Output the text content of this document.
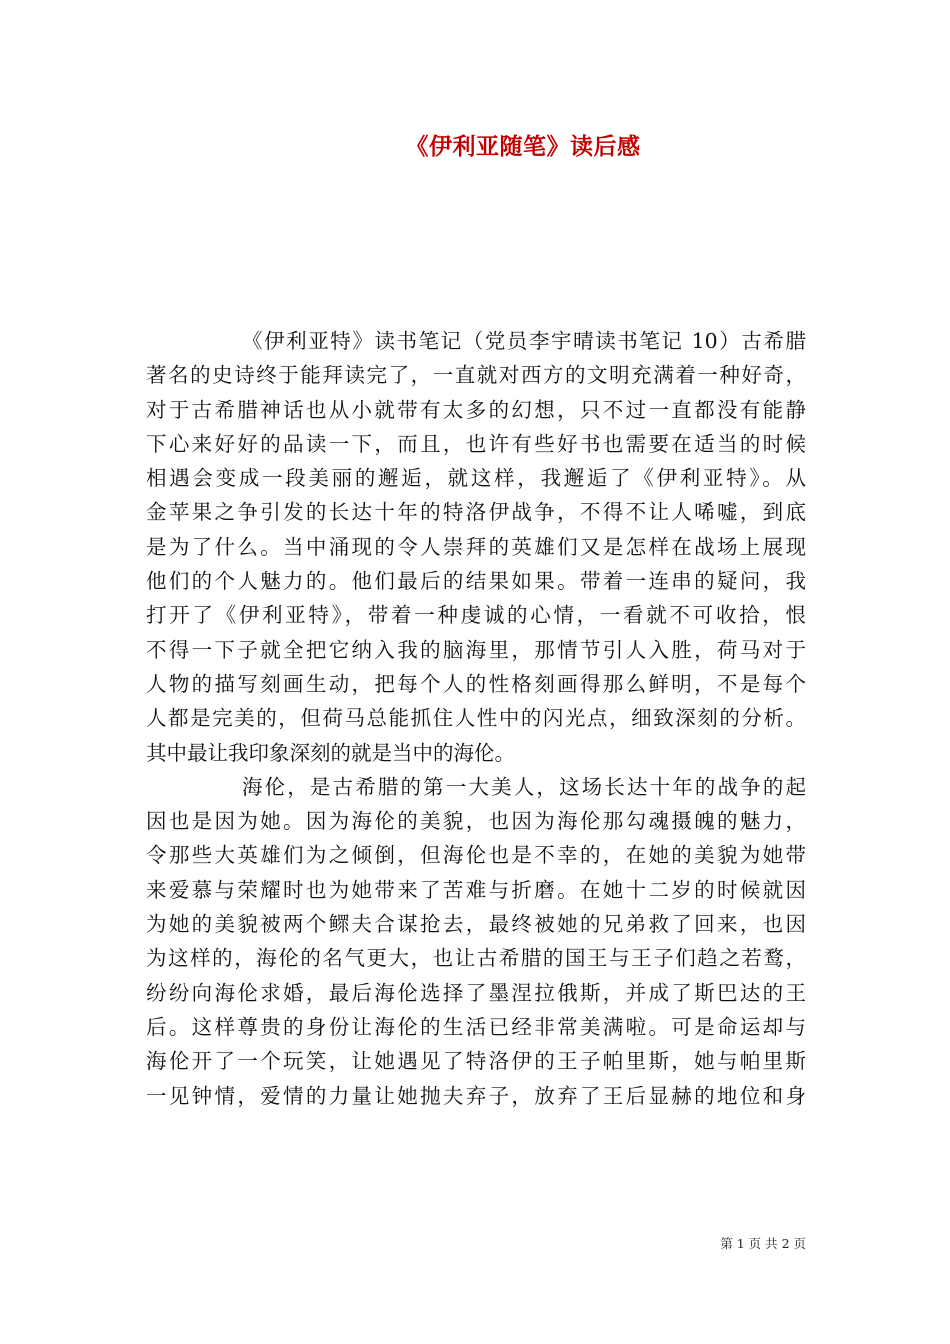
《伊利亚随笔》读后感
《伊利亚特》读书笔记（党员李宇晴读书笔记 10）古希腊
著名的史诗终于能拜读完了，一直就对西方的文明充满着一种好奇，
对于古希腊神话也从小就带有太多的幻想，只不过一直都没有能静
下心来好好的品读一下，而且，也许有些好书也需要在适当的时候
相遇会变成一段美丽的邂逅，就这样，我邂逅了《伊利亚特》。从
金苹果之争引发的长达十年的特洛伊战争，不得不让人唏嘘，到底
是为了什么。当中涌现的令人崇拜的英雄们又是怎样在战场上展现
他们的个人魅力的。他们最后的结果如果。带着一连串的疑问，我
打开了《伊利亚特》，带着一种虔诚的心情，一看就不可收拾，恨
不得一下子就全把它纳入我的脑海里，那情节引人入胜，荷马对于
人物的描写刻画生动，把每个人的性格刻画得那么鲜明，不是每个
人都是完美的，但荷马总能抓住人性中的闪光点，细致深刻的分析。
其中最让我印象深刻的就是当中的海伦。
海伦，是古希腊的第一大美人，这场长达十年的战争的起
因也是因为她。因为海伦的美貌，也因为海伦那勾魂摄魄的魅力，
令那些大英雄们为之倾倒，但海伦也是不幸的，在她的美貌为她带
来爱慕与荣耀时也为她带来了苦难与折磨。在她十二岁的时候就因
为她的美貌被两个鳏夫合谋抢去，最终被她的兄弟救了回来，也因
为这样的，海伦的名气更大，也让古希腊的国王与王子们趋之若鹜，
纷纷向海伦求婚，最后海伦选择了墨涅拉俄斯，并成了斯巴达的王
后。这样尊贵的身份让海伦的生活已经非常美满啦。可是命运却与
海伦开了一个玩笑，让她遇见了特洛伊的王子帕里斯，她与帕里斯
一见钟情，爱情的力量让她抛夫弃子，放弃了王后显赫的地位和身
第 1 页 共 2 页
